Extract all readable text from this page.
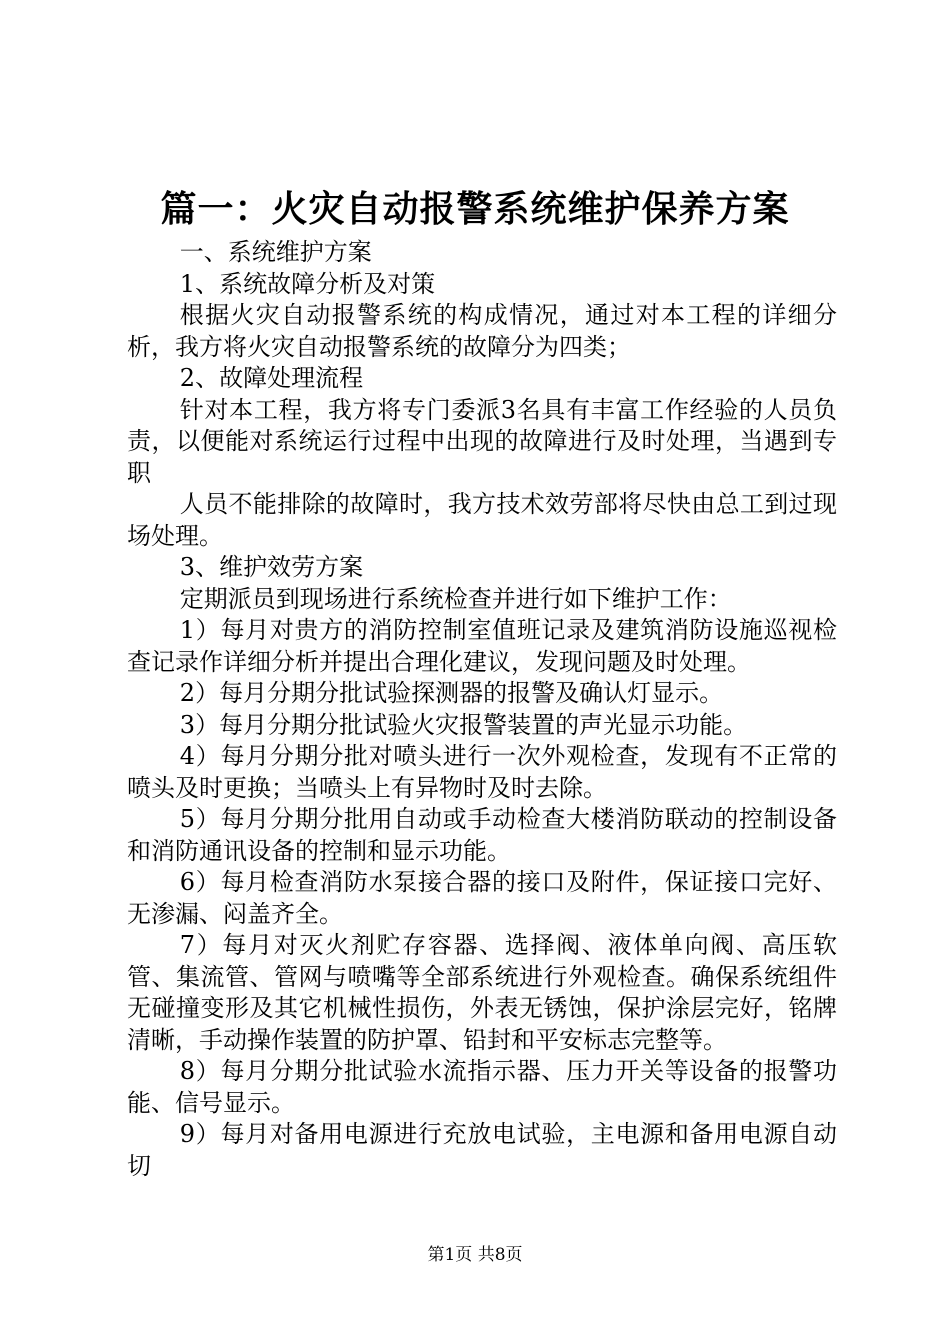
篇一：火灾自动报警系统维护保养方案

一、系统维护方案

1、系统故障分析及对策

根据火灾自动报警系统的构成情况，通过对本工程的详细分析，我方将火灾自动报警系统的故障分为四类；

2、故障处理流程

针对本工程，我方将专门委派3名具有丰富工作经验的人员负责，以便能对系统运行过程中出现的故障进行及时处理，当遇到专职

人员不能排除的故障时，我方技术效劳部将尽快由总工到过现场处理。

3、维护效劳方案

定期派员到现场进行系统检查并进行如下维护工作：

1）每月对贵方的消防控制室值班记录及建筑消防设施巡视检查记录作详细分析并提出合理化建议，发现问题及时处理。

2）每月分期分批试验探测器的报警及确认灯显示。

3）每月分期分批试验火灾报警装置的声光显示功能。

4）每月分期分批对喷头进行一次外观检查，发现有不正常的喷头及时更换；当喷头上有异物时及时去除。

5）每月分期分批用自动或手动检查大楼消防联动的控制设备和消防通讯设备的控制和显示功能。

6）每月检查消防水泵接合器的接口及附件，保证接口完好、无渗漏、闷盖齐全。

7）每月对灭火剂贮存容器、选择阀、液体单向阀、高压软管、集流管、管网与喷嘴等全部系统进行外观检查。确保系统组件无碰撞变形及其它机械性损伤，外表无锈蚀，保护涂层完好，铭牌清晰，手动操作装置的防护罩、铅封和平安标志完整等。

8）每月分期分批试验水流指示器、压力开关等设备的报警功能、信号显示。

9）每月对备用电源进行充放电试验，主电源和备用电源自动切

第1页 共8页
